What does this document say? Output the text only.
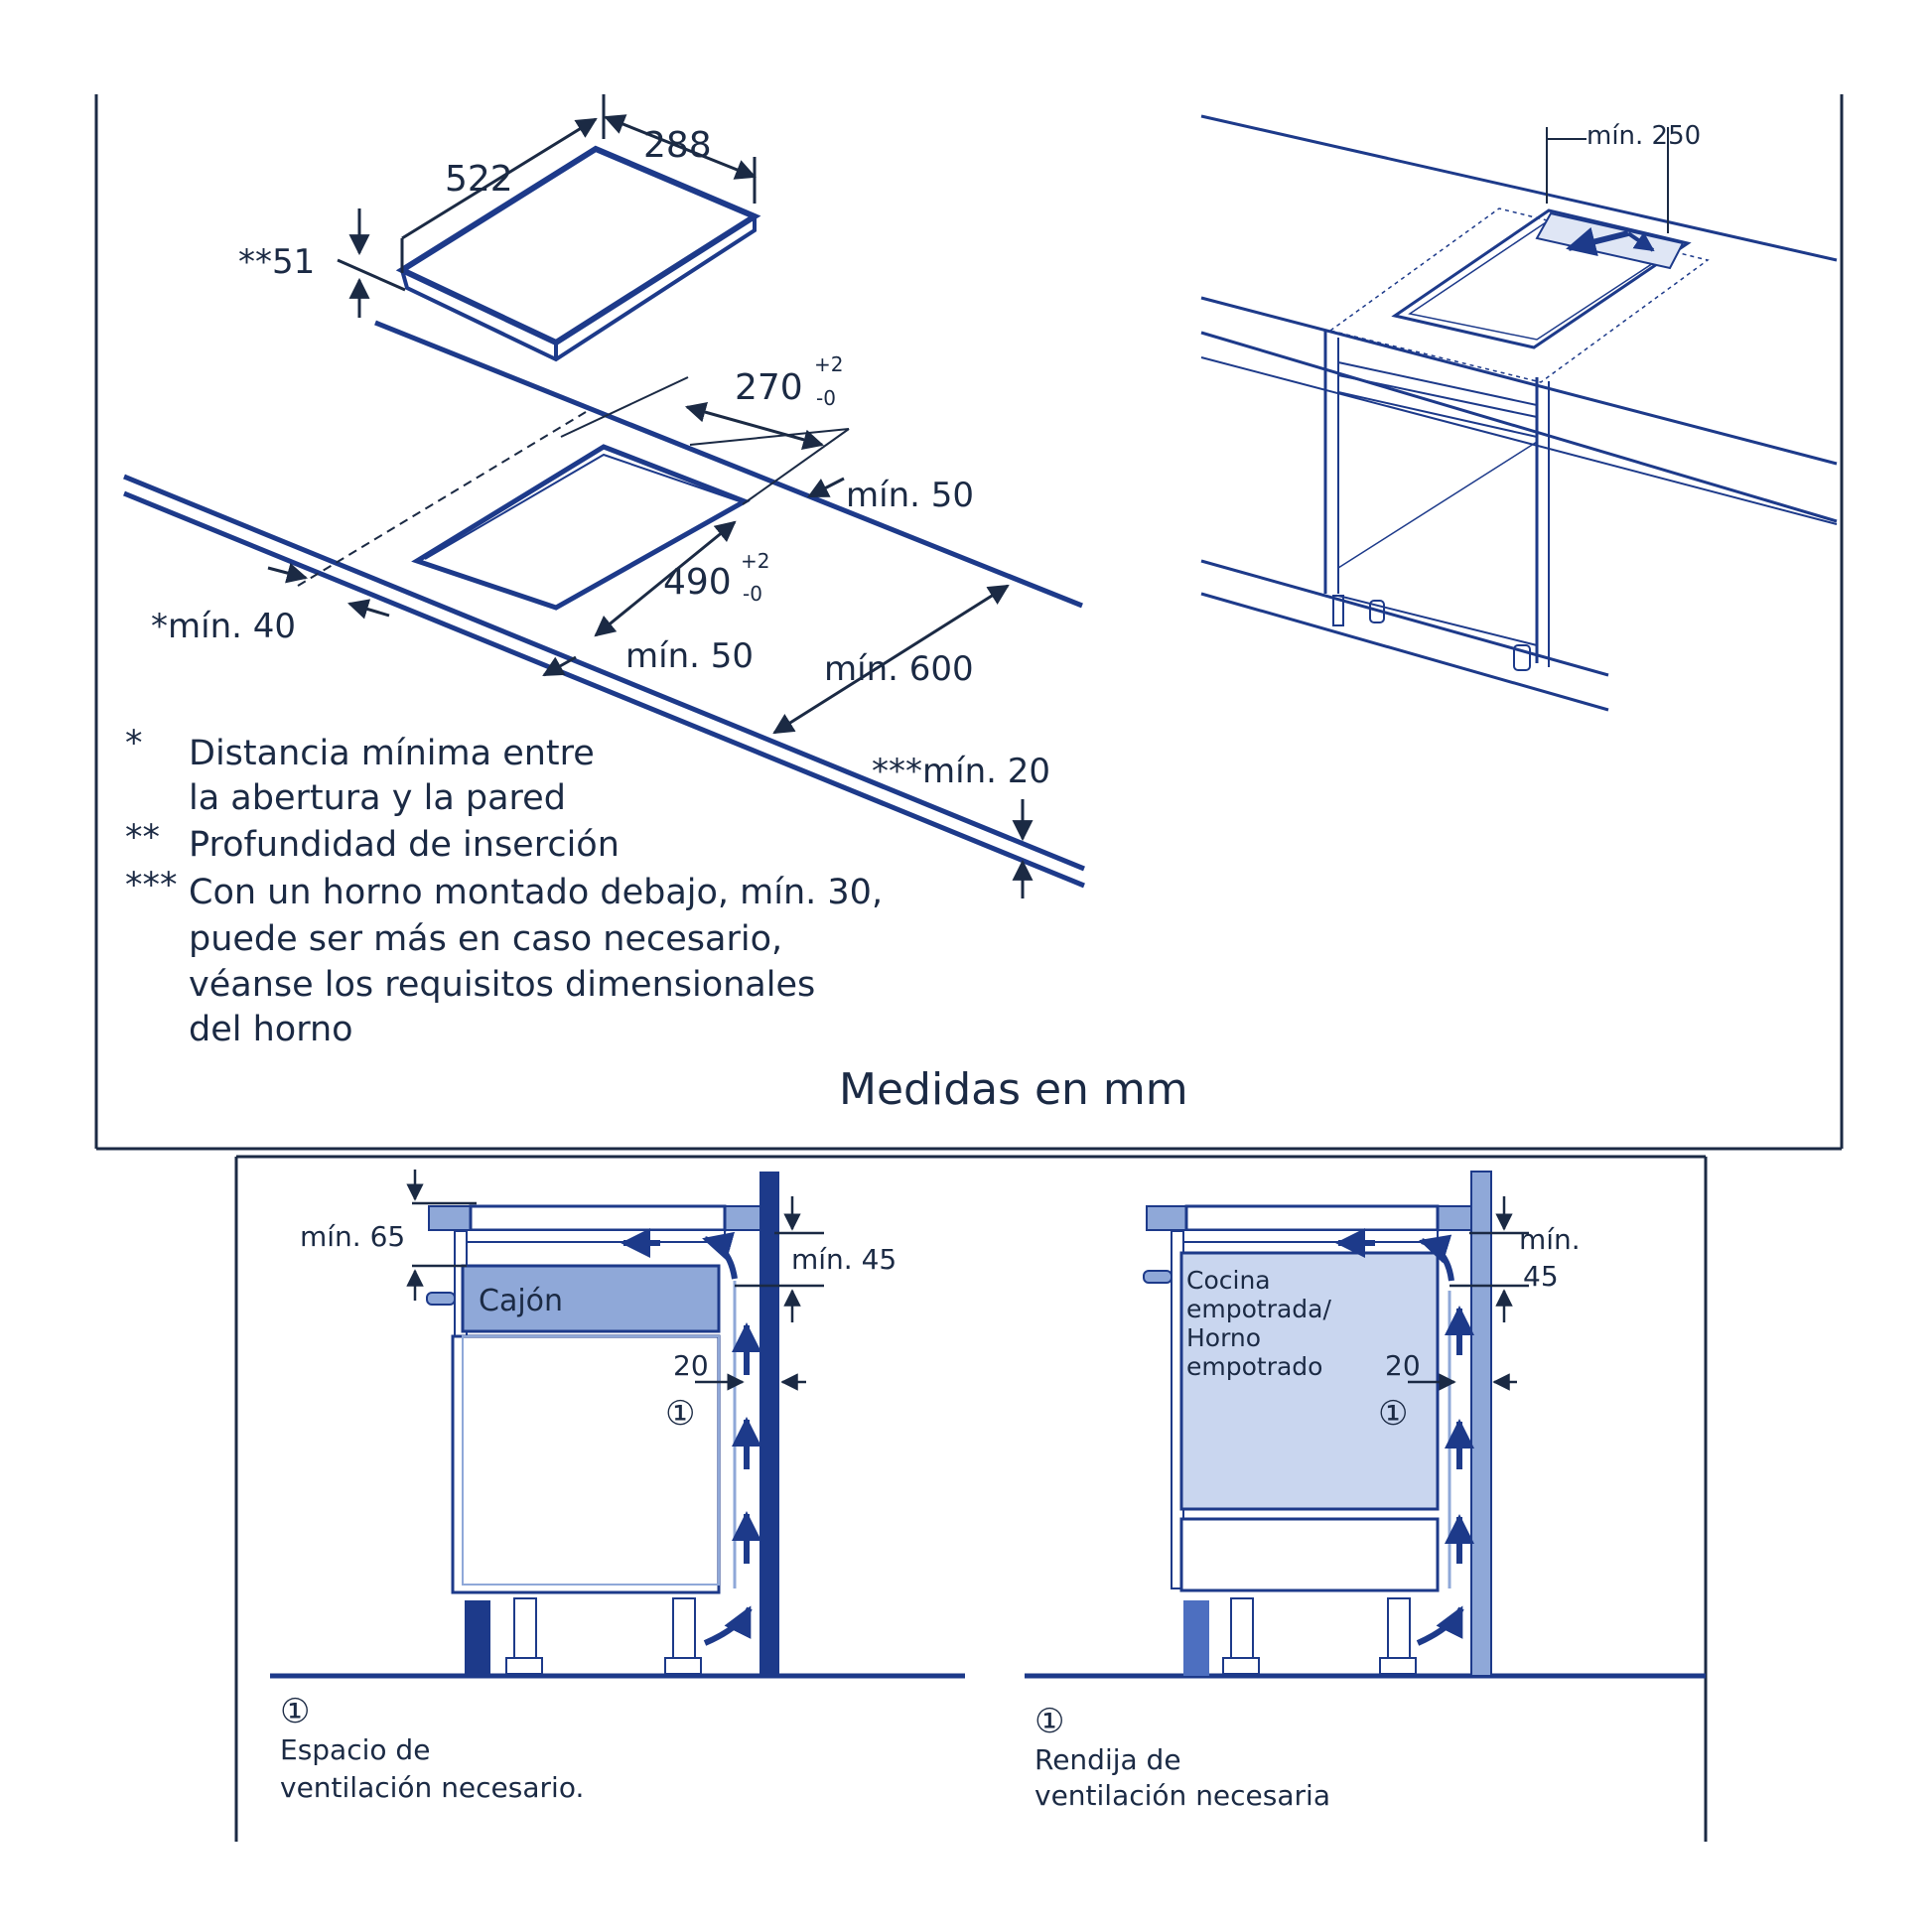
522
288
**51
270
+2
-0
mín. 50
490
+2
-0
*mín. 40
mín. 50 mín. 600
***mín. 20
* Distancia mínima entre
la abertura y la pared
** Profundidad de inserción
*** Con un horno montado debajo, mín. 30,
puede ser más en caso necesario,
véanse los requisitos dimensionales
del horno
Medidas en mm
mín. 250
mín. 65
mín. 45
Cajón
20
①
①
Espacio de
ventilación necesario.
mín.
45
Cocina
empotrada/
Horno
empotrado 20
①
①
Rendija de
ventilación necesaria
